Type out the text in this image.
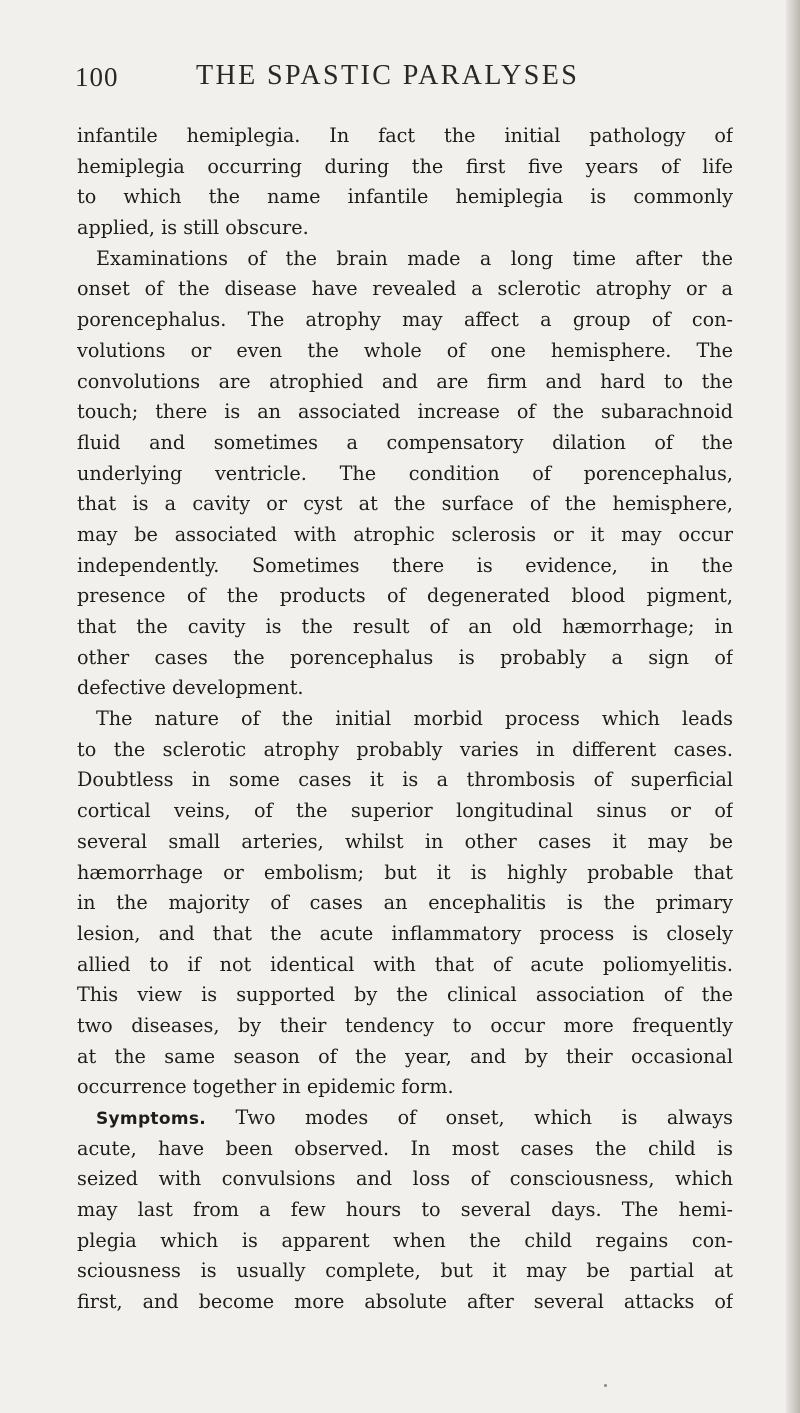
100	THE SPASTIC PARALYSES
infantile hemiplegia. In fact the initial pathology of
hemiplegia occurring during the first five years of life
to which the name infantile hemiplegia is commonly
applied, is still obscure.
Examinations of the brain made a long time after the
onset of the disease have revealed a sclerotic atrophy or a
porencephalus. The atrophy may affect a group of con-
volutions or even the whole of one hemisphere. The
convolutions are atrophied and are firm and hard to the
touch; there is an associated increase of the subarachnoid
fluid and sometimes a compensatory dilation of the
underlying ventricle. The condition of porencephalus,
that is a cavity or cyst at the surface of the hemisphere,
may be associated with atrophic sclerosis or it may occur
independently. Sometimes there is evidence, in the
presence of the products of degenerated blood pigment,
that the cavity is the result of an old hæmorrhage; in
other cases the porencephalus is probably a sign of
defective development.
The nature of the initial morbid process which leads
to the sclerotic atrophy probably varies in different cases.
Doubtless in some cases it is a thrombosis of superficial
cortical veins, of the superior longitudinal sinus or of
several small arteries, whilst in other cases it may be
hæmorrhage or embolism; but it is highly probable that
in the majority of cases an encephalitis is the primary
lesion, and that the acute inflammatory process is closely
allied to if not identical with that of acute poliomyelitis.
This view is supported by the clinical association of the
two diseases, by their tendency to occur more frequently
at the same season of the year, and by their occasional
occurrence together in epidemic form.
Symptoms. Two modes of onset, which is always
acute, have been observed. In most cases the child is
seized with convulsions and loss of consciousness, which
may last from a few hours to several days. The hemi-
plegia which is apparent when the child regains con-
sciousness is usually complete, but it may be partial at
first, and become more absolute after several attacks of
